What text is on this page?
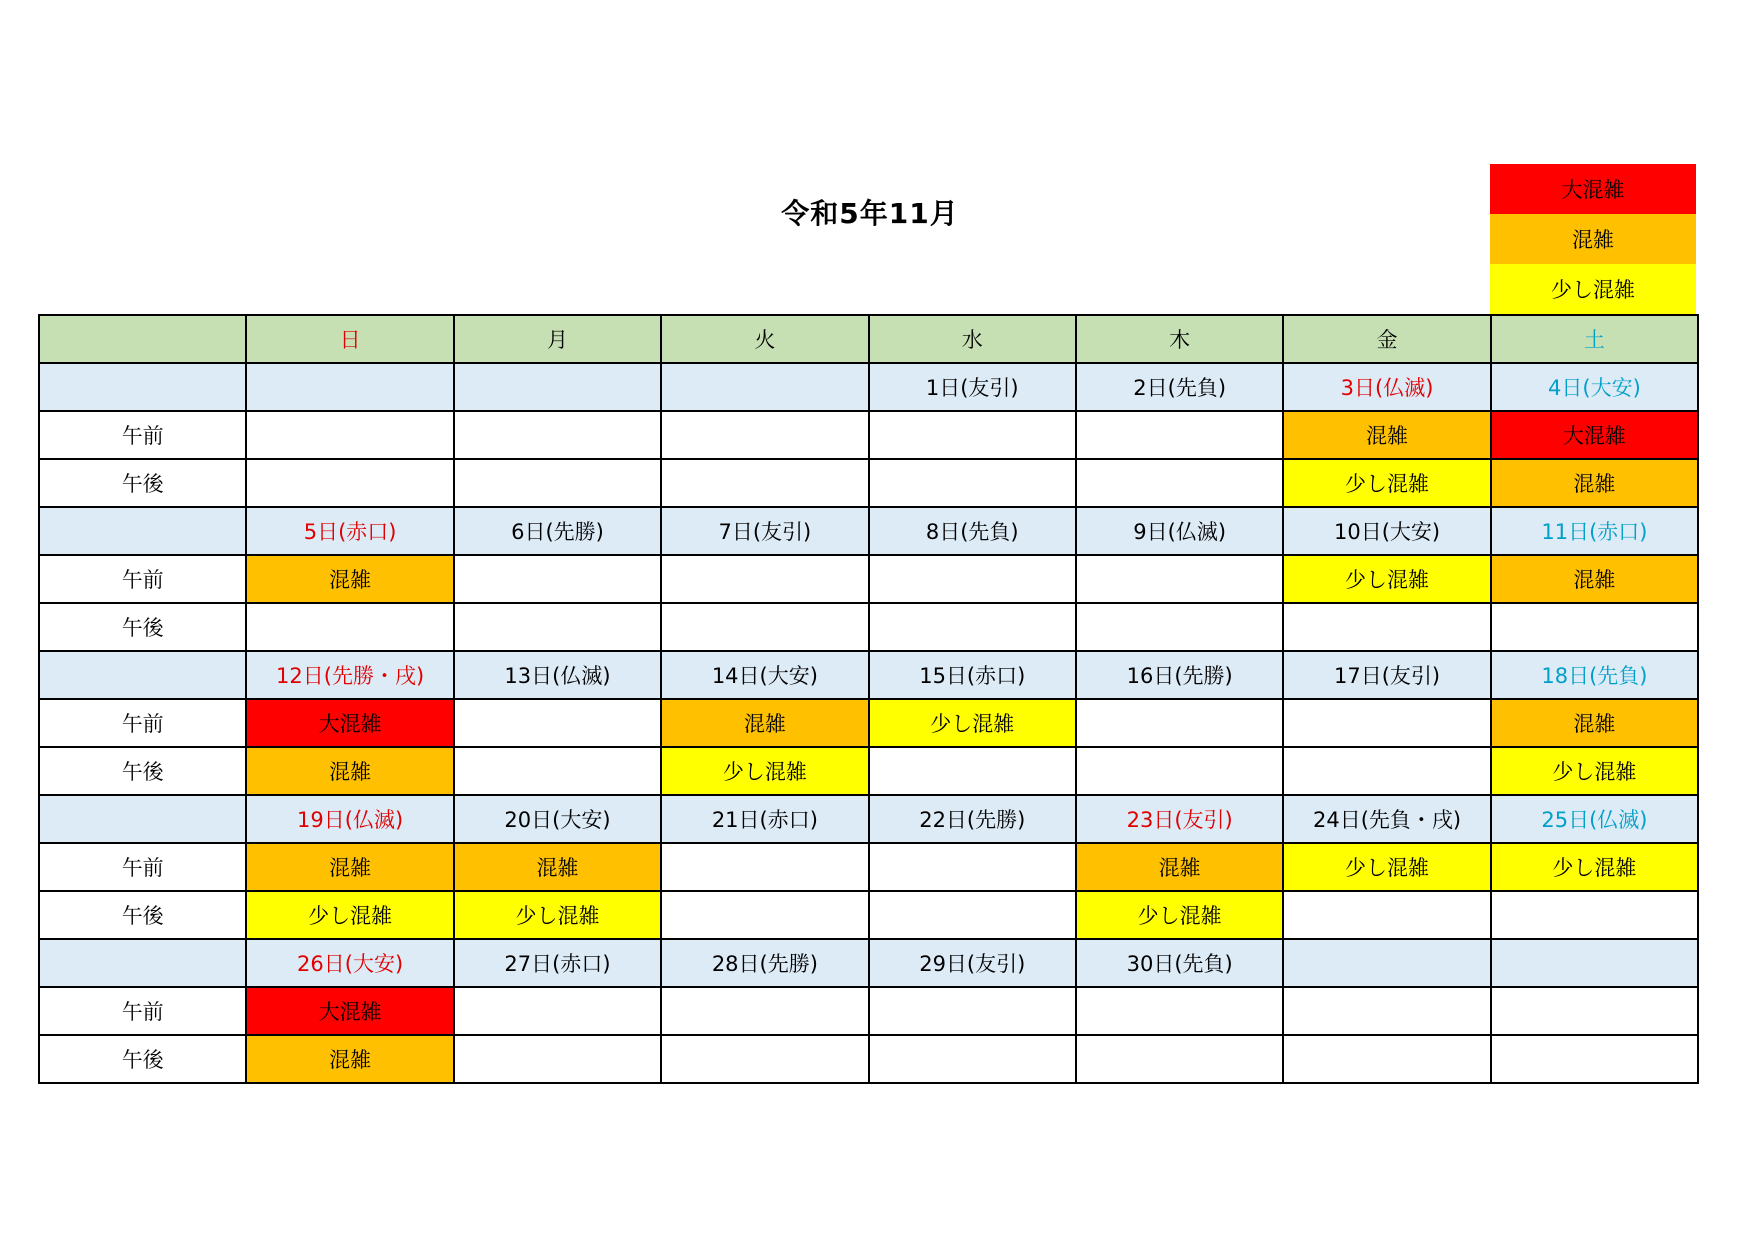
令和5年11月
大混雑
混雑
少し混雑
	日	月	火	水	木	金	土
				1日(友引)	2日(先負)	3日(仏滅)	4日(大安)
午前						混雑	大混雑
午後						少し混雑	混雑
	5日(赤口)	6日(先勝)	7日(友引)	8日(先負)	9日(仏滅)	10日(大安)	11日(赤口)
午前	混雑					少し混雑	混雑
午後							
	12日(先勝・戌)	13日(仏滅)	14日(大安)	15日(赤口)	16日(先勝)	17日(友引)	18日(先負)
午前	大混雑		混雑	少し混雑			混雑
午後	混雑		少し混雑				少し混雑
	19日(仏滅)	20日(大安)	21日(赤口)	22日(先勝)	23日(友引)	24日(先負・戌)	25日(仏滅)
午前	混雑	混雑			混雑	少し混雑	少し混雑
午後	少し混雑	少し混雑			少し混雑		
	26日(大安)	27日(赤口)	28日(先勝)	29日(友引)	30日(先負)		
午前	大混雑						
午後	混雑						
